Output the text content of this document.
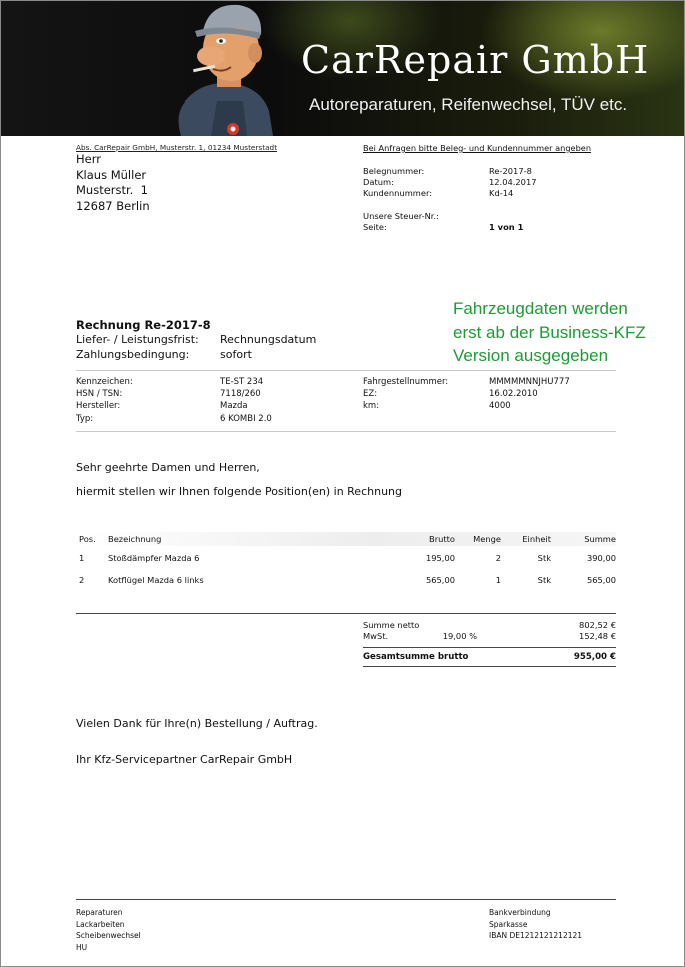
CarRepair GmbH
Autoreparaturen, Reifenwechsel, TÜV etc.
Abs. CarRepair GmbH, Musterstr. 1, 01234 Musterstadt
Herr
Klaus Müller
Musterstr.  1
12687 Berlin
Bei Anfragen bitte Beleg- und Kundennummer angeben
Belegnummer:	Re-2017-8
Datum:	12.04.2017
Kundennummer:	Kd-14
Unsere Steuer-Nr.:
Seite:	1 von 1
Fahrzeugdaten werden
erst ab der Business-KFZ
Version ausgegeben
Rechnung Re-2017-8
Liefer- / Leistungsfrist:	Rechnungsdatum
Zahlungsbedingung:	sofort
Kennzeichen:	TE-ST 234
HSN / TSN:	7118/260
Hersteller:	Mazda
Typ:	6 KOMBI 2.0
Fahrgestellnummer:	MMMMMNNJHU777
EZ:	16.02.2010
km:	4000
Sehr geehrte Damen und Herren,
hiermit stellen wir Ihnen folgende Position(en) in Rechnung
Pos.	Bezeichnung	Brutto	Menge	Einheit	Summe
1	Stoßdämpfer Mazda 6	195,00	2	Stk	390,00
2	Kotflügel Mazda 6 links	565,00	1	Stk	565,00
Summe netto	802,52 €
MwSt.	19,00 %	152,48 €
Gesamtsumme brutto	955,00 €
Vielen Dank für Ihre(n) Bestellung / Auftrag.
Ihr Kfz-Servicepartner CarRepair GmbH
Reparaturen
Lackarbeiten
Scheibenwechsel
HU
Bankverbindung
Sparkasse
IBAN DE1212121212121
